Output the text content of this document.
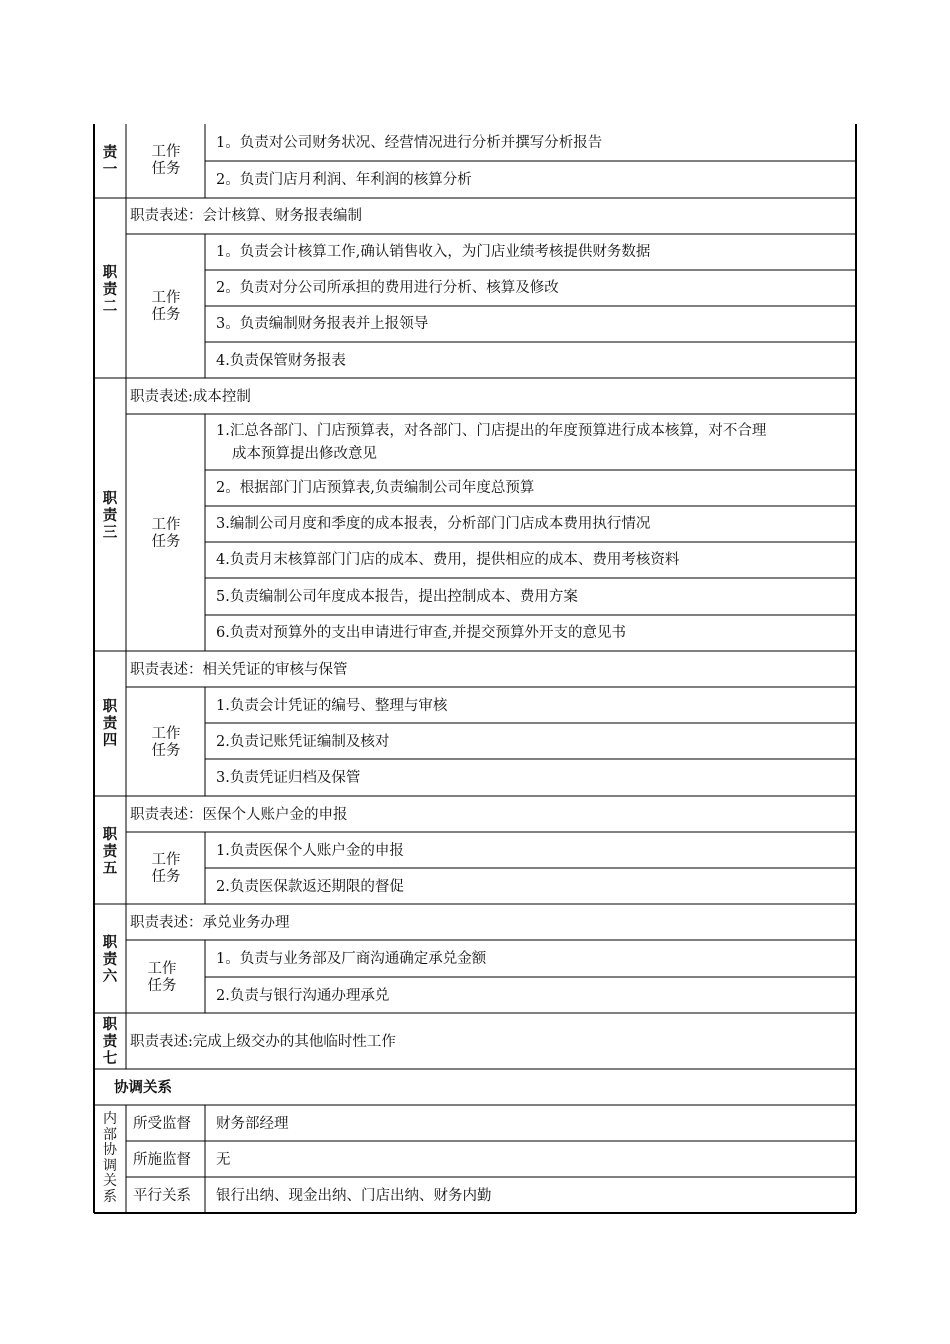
责
一
工作
任务
1。负责对公司财务状况、经营情况进行分析并撰写分析报告
2。负责门店月利润、年利润的核算分析
职
责
二
职责表述：会计核算、财务报表编制
工作
任务
1。负责会计核算工作,确认销售收入，为门店业绩考核提供财务数据
2。负责对分公司所承担的费用进行分析、核算及修改
3。负责编制财务报表并上报领导
4.负责保管财务报表
职
责
三
职责表述:成本控制
工作
任务
1.汇总各部门、门店预算表，对各部门、门店提出的年度预算进行成本核算，对不合理
成本预算提出修改意见
2。根据部门门店预算表,负责编制公司年度总预算
3.编制公司月度和季度的成本报表，分析部门门店成本费用执行情况
4.负责月末核算部门门店的成本、费用，提供相应的成本、费用考核资料
5.负责编制公司年度成本报告，提出控制成本、费用方案
6.负责对预算外的支出申请进行审查,并提交预算外开支的意见书
职
责
四
职责表述：相关凭证的审核与保管
工作
任务
1.负责会计凭证的编号、整理与审核
2.负责记账凭证编制及核对
3.负责凭证归档及保管
职
责
五
职责表述：医保个人账户金的申报
工作
任务
1.负责医保个人账户金的申报
2.负责医保款返还期限的督促
职
责
六
职责表述：承兑业务办理
工作
任务
1。负责与业务部及厂商沟通确定承兑金额
2.负责与银行沟通办理承兑
职
责
七
职责表述:完成上级交办的其他临时性工作
协调关系
内
部
协
调
关
系
所受监督 财务部经理
所施监督 无
平行关系 银行出纳、现金出纳、门店出纳、财务内勤
